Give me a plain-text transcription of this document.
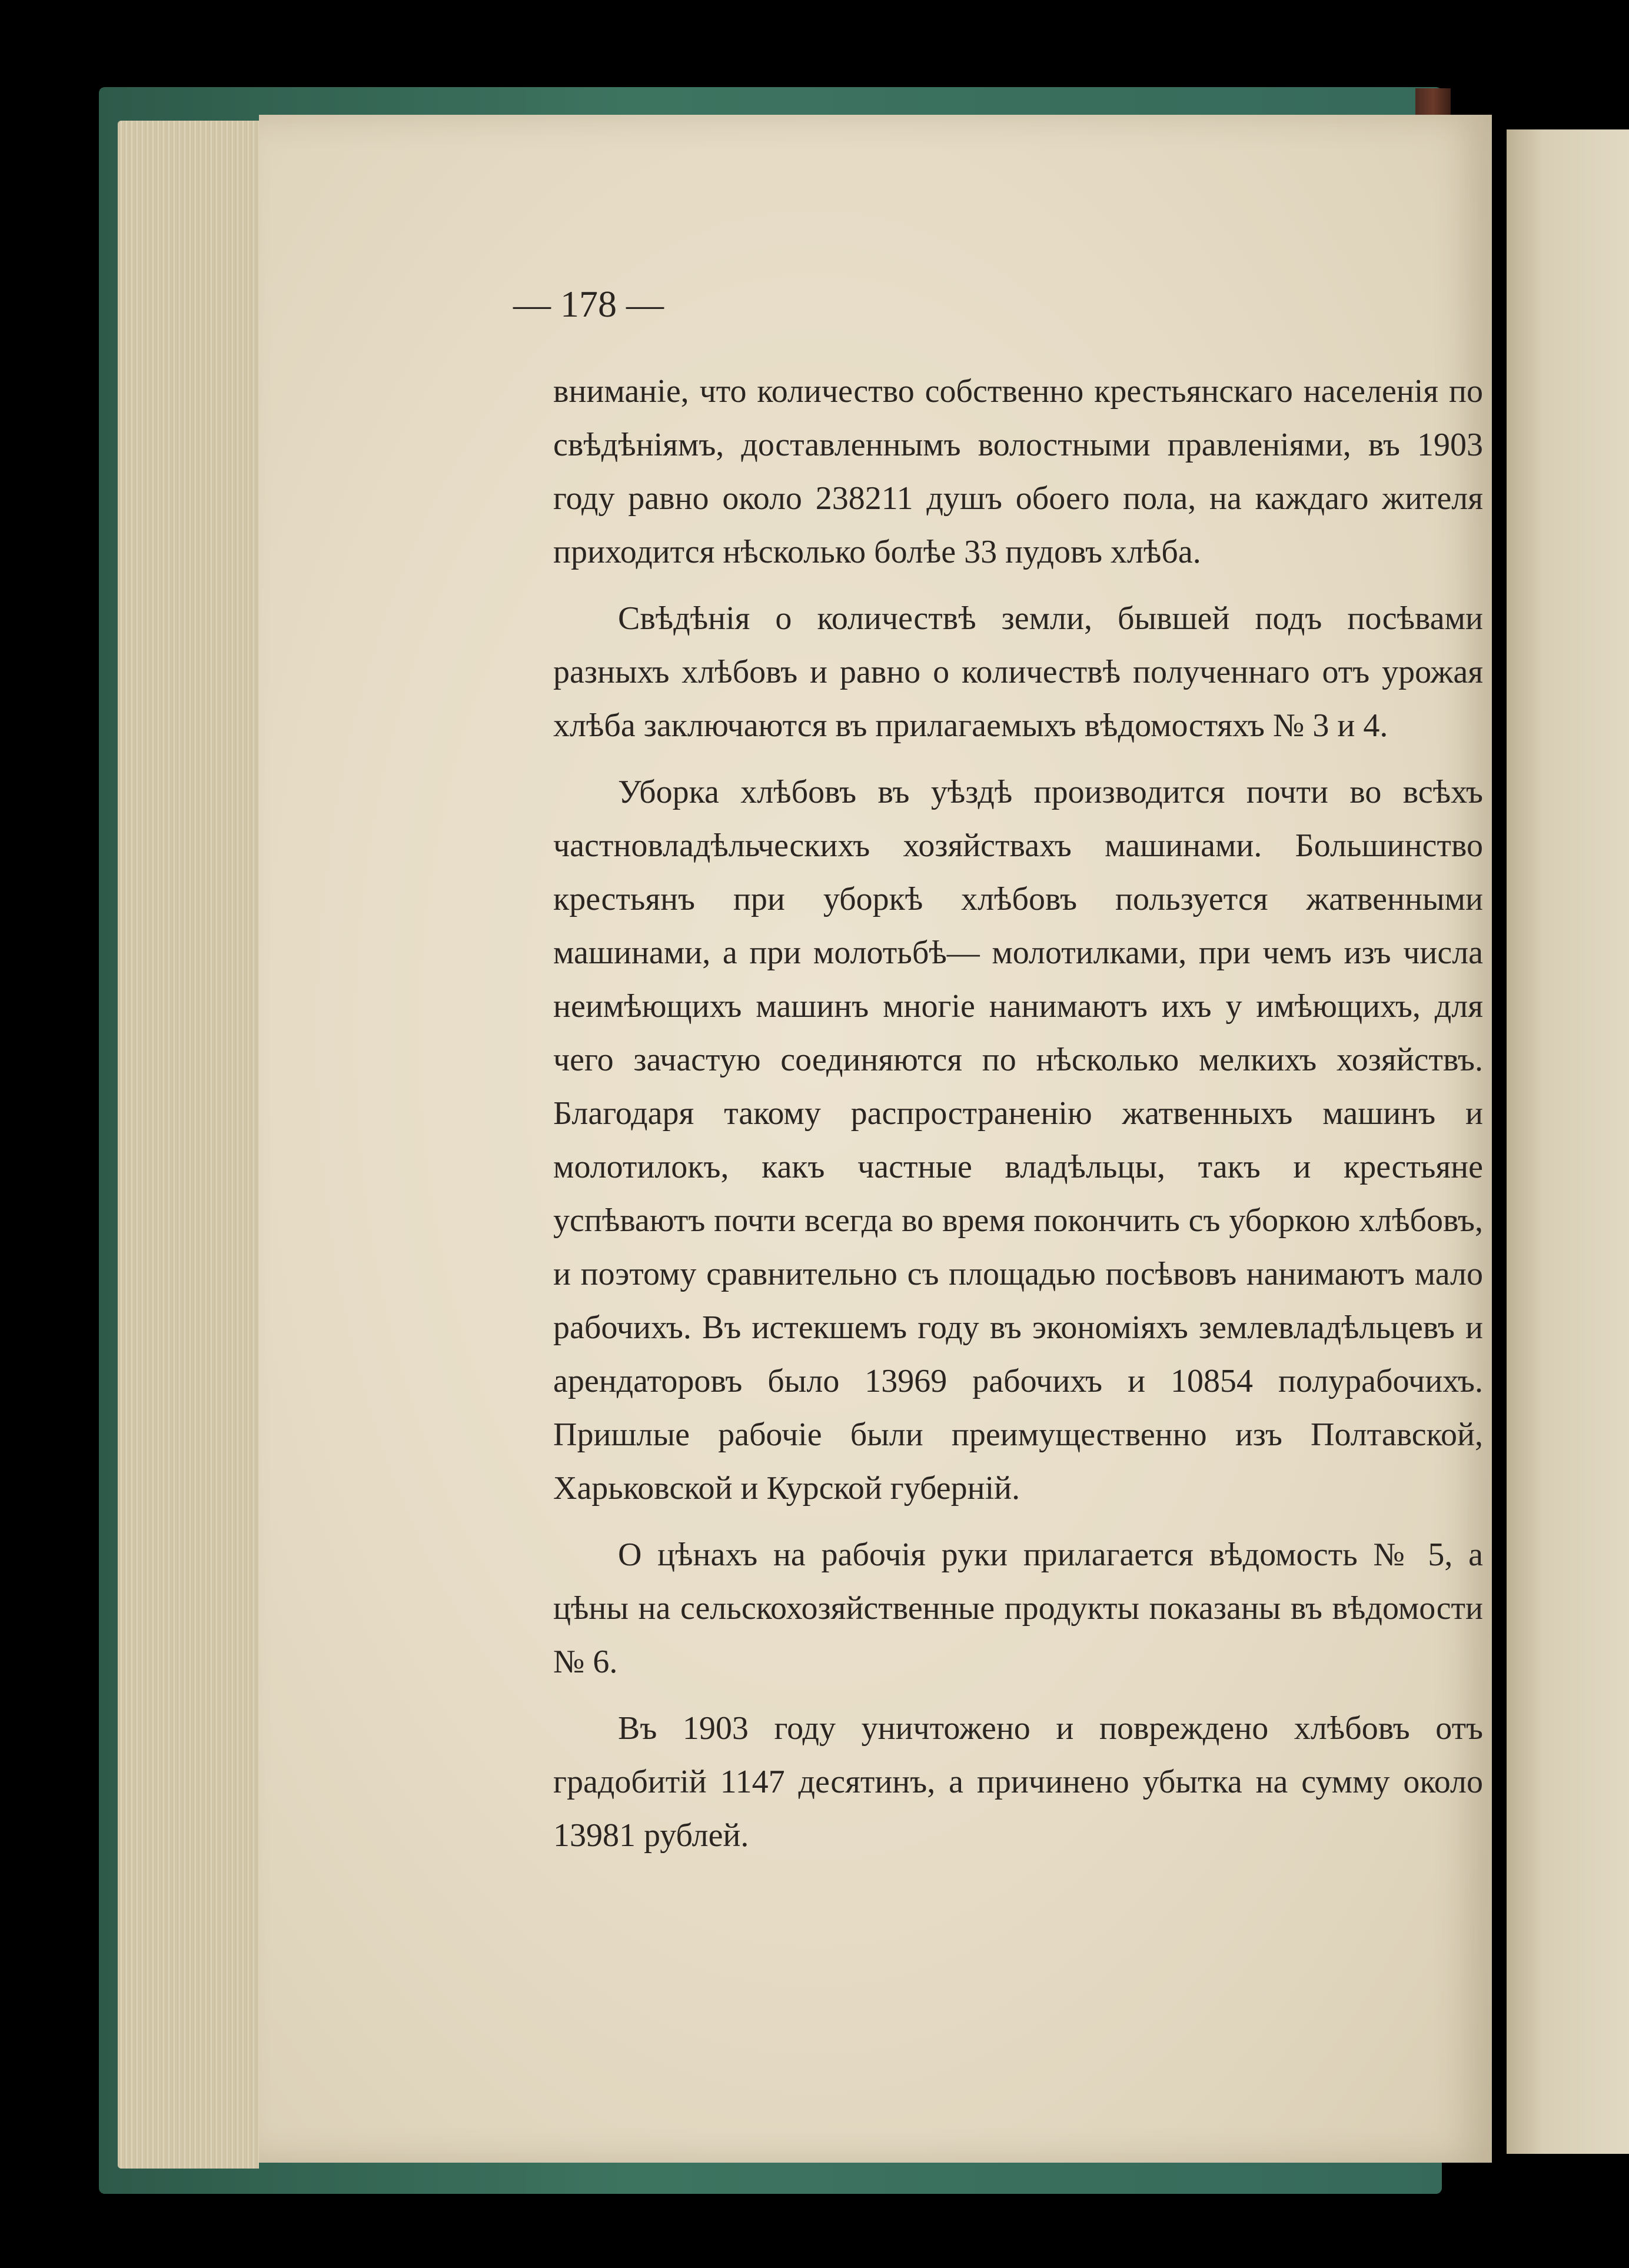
— 178 —

вниманіе, что количество собственно крестьянскаго населенія по свѣдѣніямъ, доставленнымъ волостными правленіями, въ 1903 году равно около 238211 душъ обоего пола, на каждаго жителя приходится нѣсколько болѣе 33 пудовъ хлѣба.

Свѣдѣнія о количествѣ земли, бывшей подъ посѣвами разныхъ хлѣбовъ и равно о количествѣ полученнаго отъ урожая хлѣба заключаются въ прилагаемыхъ вѣдомостяхъ № 3 и 4.

Уборка хлѣбовъ въ уѣздѣ производится почти во всѣхъ частновладѣльческихъ хозяйствахъ машинами. Большинство крестьянъ при уборкѣ хлѣбовъ пользуется жатвенными машинами, а при молотьбѣ— молотилками, при чемъ изъ числа неимѣющихъ машинъ многіе нанимаютъ ихъ у имѣющихъ, для чего зачастую соединяются по нѣсколько мелкихъ хозяйствъ. Благодаря такому распространенію жатвенныхъ машинъ и молотилокъ, какъ частные владѣльцы, такъ и крестьяне успѣваютъ почти всегда во время покончить съ уборкою хлѣбовъ, и поэтому сравнительно съ площадью посѣвовъ нанимаютъ мало рабочихъ. Въ истекшемъ году въ экономіяхъ землевладѣльцевъ и арендаторовъ было 13969 рабочихъ и 10854 полурабочихъ. Пришлые рабочіе были преимущественно изъ Полтавской, Харьковской и Курской губерній.

О цѣнахъ на рабочія руки прилагается вѣдомость № 5, а цѣны на сельскохозяйственные продукты показаны въ вѣдомости № 6.

Въ 1903 году уничтожено и повреждено хлѣбовъ отъ градобитій 1147 десятинъ, а причинено убытка на сумму около 13981 рублей.
